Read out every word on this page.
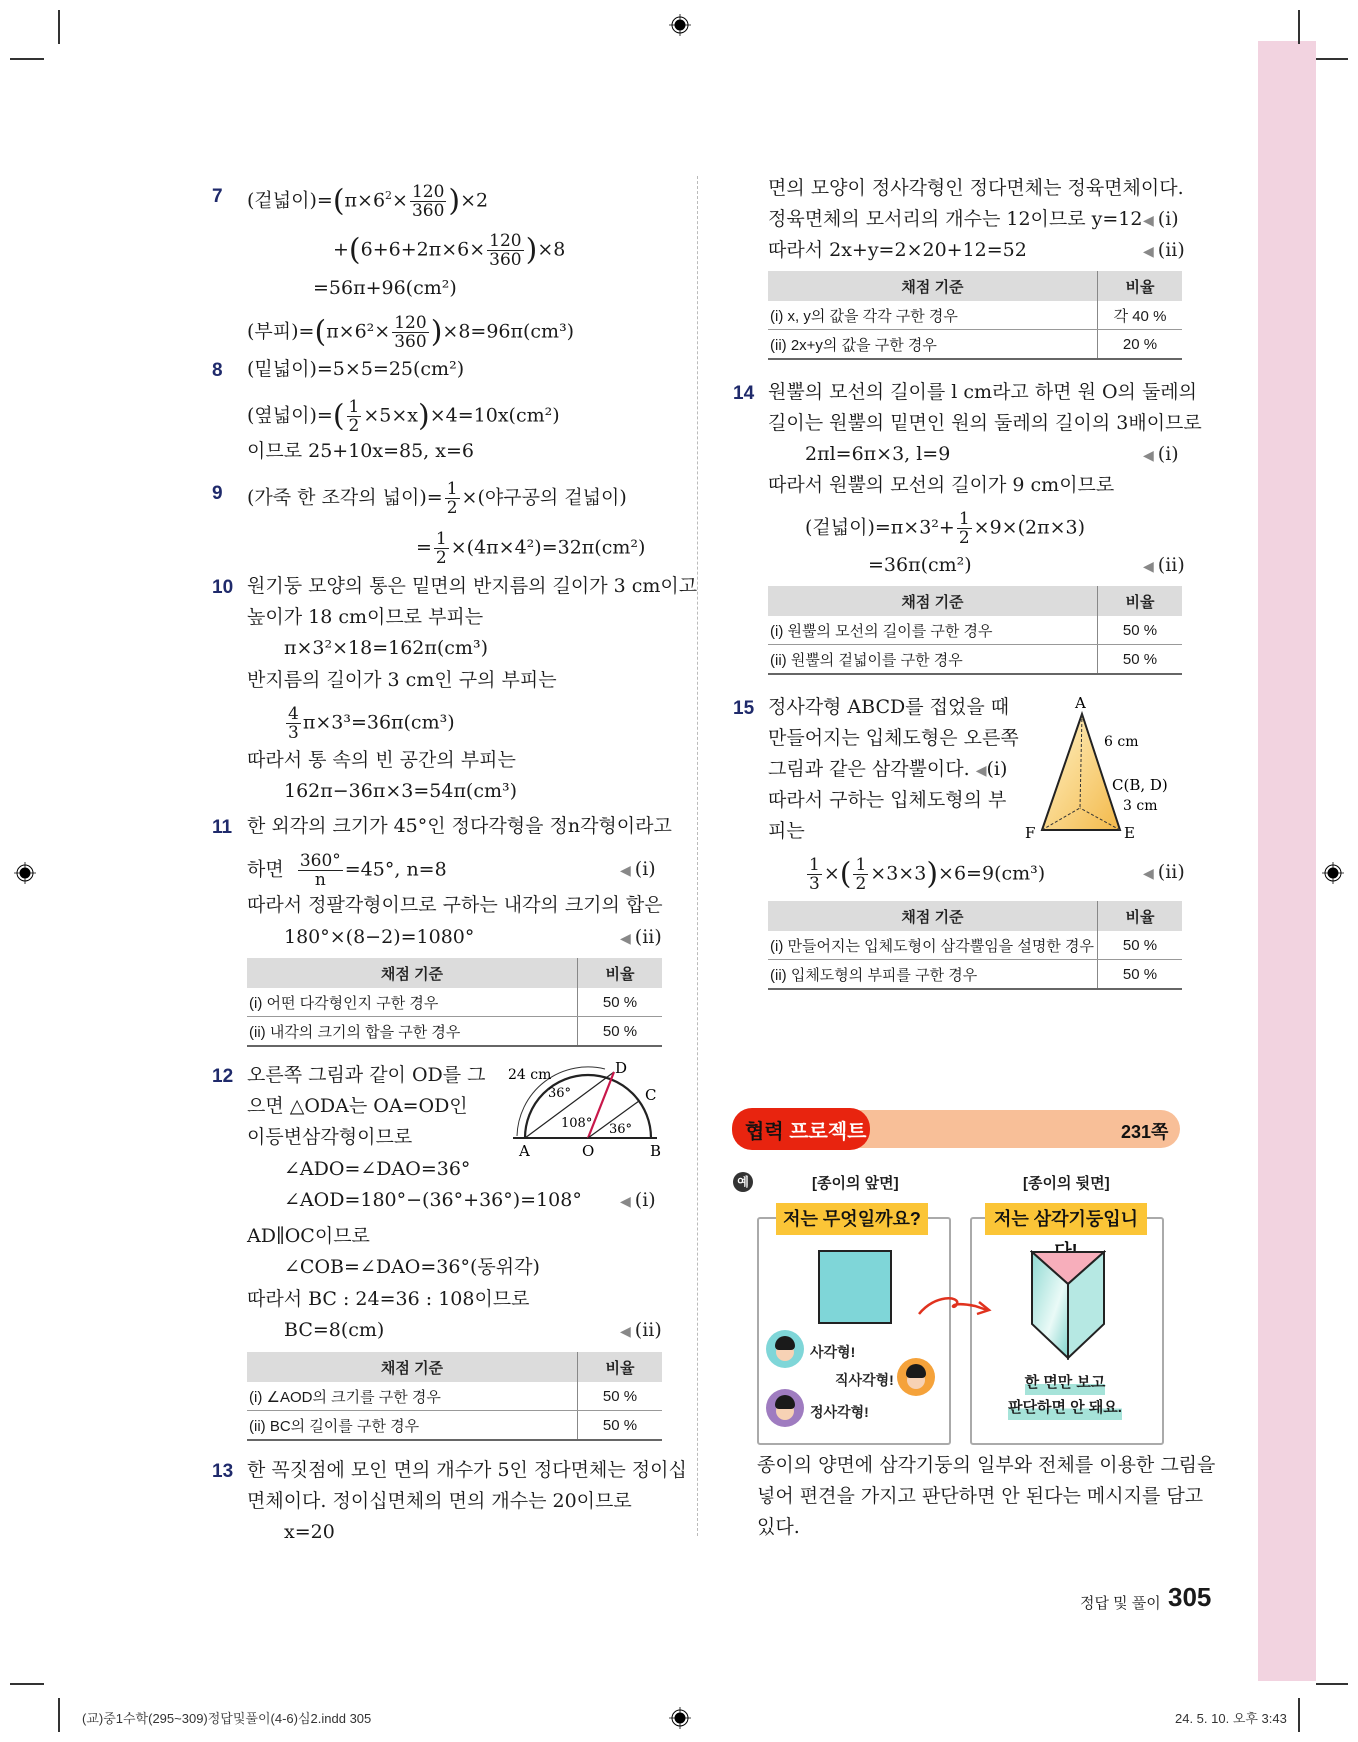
7 (겉넓이)$=(\pi\times 6^2\times \frac{120}{360} )\times 2$
$+(6+6+2\pi\times 6\times \frac{120}{360} )\times 8$
=56π+96(cm²)
(부피)$=(\pi\times 6^2\times \frac{120}{360} )\times 8=96\pi(cm^3)$
8 (밑넓이)=5×5=25(cm²)
(옆넓이)=( $\frac{1}{2} \times 5\times x)\times 4=10x(cm^2)$
이므로 25+10x=85, x=6
9 (가죽 한 조각의 넓이)= $\frac{1}{2}$ ×(야구공의 겉넓이)
= $\frac{1}{2} \times(4\pi\times 4^2)=32\pi(cm^2)$
10 원기둥 모양의 통은 밑면의 반지름의 길이가 3 cm이고
높이가 18 cm이므로 부피는
π×3²×18=162π(cm³)
반지름의 길이가 3 cm인 구의 부피는
$\frac{4}{3} \pi\times 3^3=36\pi(cm^3)$
따라서 통 속의 빈 공간의 부피는
162π−36π×3=54π(cm³)
11 한 외각의 크기가 45°인 정다각형을 정n각형이라고
하면 $\frac{360^\circ}{n} =45^\circ$, n=8	◀ (i)
따라서 정팔각형이므로 구하는 내각의 크기의 합은
180°×(8−2)=1080°	◀ (ii)
채점 기준	비율
(i) 어떤 다각형인지 구한 경우	50 %
(ii) 내각의 크기의 합을 구한 경우	50 %
12 오른쪽 그림과 같이 OD를 그
으면 △ODA는 OA=OD인
이등변삼각형이므로
∠ADO=∠DAO=36°
∠AOD=180°−(36°+36°)=108°	◀ (i)
AD∥OC이므로
∠COB=∠DAO=36°(동위각)
따라서 BC : 24=36 : 108이므로
BC=8(cm)	◀ (ii)
24 cm
36°
108° 36°
A	O	B
C
D
채점 기준	비율
(i) ∠AOD의 크기를 구한 경우	50 %
(ii) BC의 길이를 구한 경우	50 %
13 한 꼭짓점에 모인 면의 개수가 5인 정다면체는 정이십
면체이다. 정이십면체의 면의 개수는 20이므로
x=20
면의 모양이 정사각형인 정다면체는 정육면체이다.
정육면체의 모서리의 개수는 12이므로 y=12 ◀ (i)
따라서 2x+y=2×20+12=52	◀ (ii)
채점 기준	비율
(i) x, y의 값을 각각 구한 경우	각 40 %
(ii) 2x+y의 값을 구한 경우	20 %
14 원뿔의 모선의 길이를 l cm라고 하면 원 O의 둘레의
길이는 원뿔의 밑면인 원의 둘레의 길이의 3배이므로
2πl=6π×3, l=9	◀ (i)
따라서 원뿔의 모선의 길이가 9 cm이므로
(겉넓이)$=\pi\times 3^2+ \frac{1}{2} \times 9\times(2\pi\times 3)$
=36π(cm²)	◀ (ii)
채점 기준	비율
(i) 원뿔의 모선의 길이를 구한 경우	50 %
(ii) 원뿔의 겉넓이를 구한 경우	50 %
15 정사각형 ABCD를 접었을 때
만들어지는 입체도형은 오른쪽
그림과 같은 삼각뿔이다. ◀(i)
따라서 구하는 입체도형의 부
피는
$\frac{1}{3}$ ×( $\frac{1}{2} \times 3\times 3)\times 6=9(cm^3)$	◀ (ii)
A
6 cm
C(B, D)
3 cm
F	E
채점 기준	비율
(i) 만들어지는 입체도형이 삼각뿔임을 설명한 경우	50 %
(ii) 입체도형의 부피를 구한 경우	50 %
협력 프로젝트	231쪽
예	[종이의 앞면]	[종이의 뒷면]
저는 무엇일까요?	저는 삼각기둥입니
사각형!
직사각형!
정사각형!
한 면만 보고
판단하면 안 돼요.
종이의 양면에 삼각기둥의 일부와 전체를 이용한 그림을
넣어 편견을 가지고 판단하면 안 된다는 메시지를 담고
있다.
정답 및 풀이 305
(교)중1수학(295~309)정답및풀이(4-6)심2.indd 305	24. 5. 10. 오후 3:43
